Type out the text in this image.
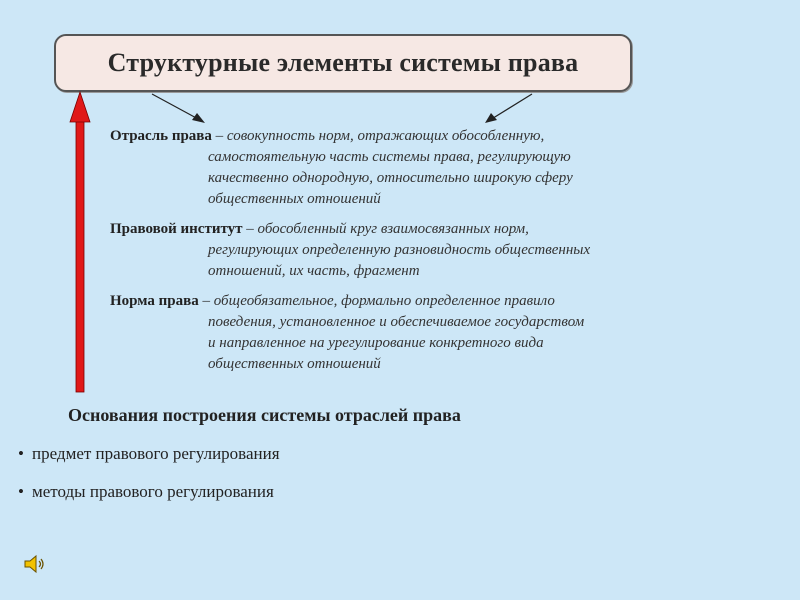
Структурные элементы системы права
Отрасль права – совокупность норм, отражающих обособленную,
самостоятельную часть системы права, регулирующую
качественно однородную, относительно широкую сферу
общественных отношений
Правовой институт – обособленный круг взаимосвязанных норм,
регулирующих определенную разновидность общественных
отношений, их часть, фрагмент
Норма права – общеобязательное, формально определенное правило
поведения, установленное и обеспечиваемое государством
и направленное на урегулирование конкретного вида
общественных отношений
Основания построения системы отраслей права
• предмет правового регулирования
• методы правового регулирования
